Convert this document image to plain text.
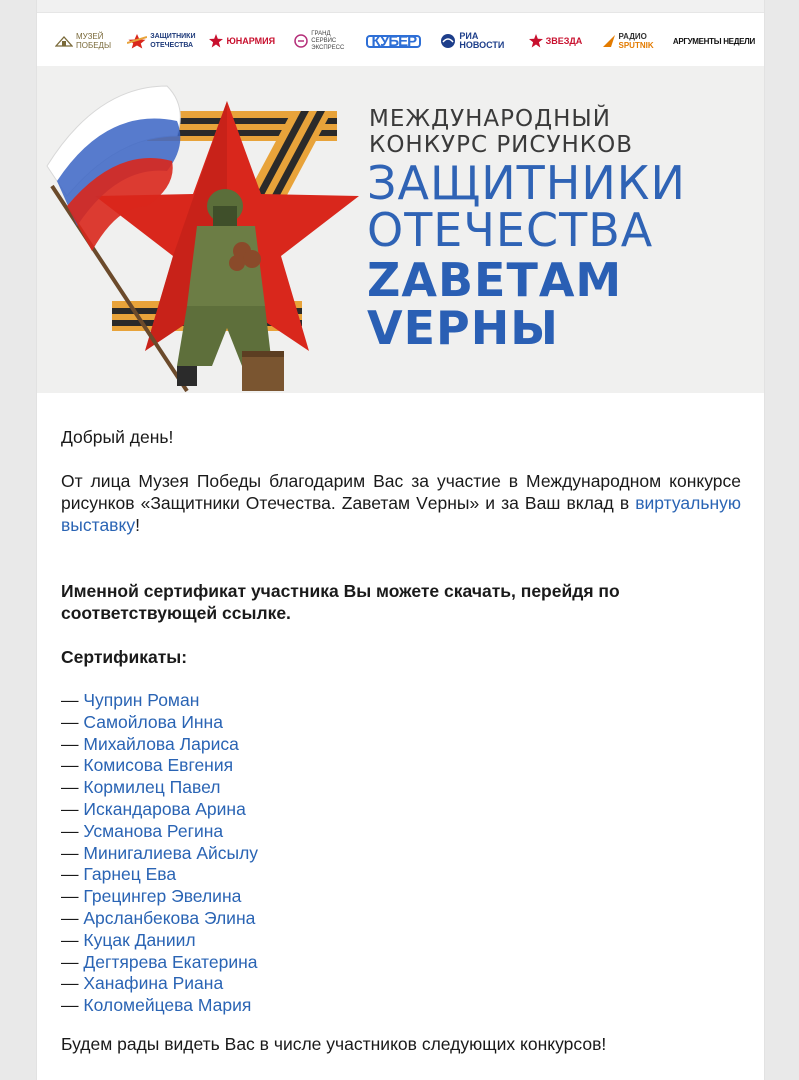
МУЗЕЙ ПОБЕДЫ
ЗАЩИТНИКИ ОТЕЧЕСТВА	ЮНАРМИЯ
ГРАНД СЕРВИС ЭКСПРЕСС	КУБЕР	РИА НОВОСТИ	ЗВЕЗДА	РАДИО
SPUTNIK АРГУМЕНТЫ НЕДЕЛИ
МЕЖДУНАРОДНЫЙ
КОНКУРС РИСУНКОВ
ЗАЩИТНИКИ
ОТЕЧЕСТВА
ZАВЕТАМ
VЕРНЫ

Добрый день!

От лица Музея Победы благодарим Вас за участие в Международном конкурсе рисунков «Защитники Отечества. Zаветам Vерны» и за Ваш вклад в виртуальную выставку!

Именной сертификат участника Вы можете скачать, перейдя по соответствующей ссылке.

Сертификаты:

— Чуприн Роман
— Самойлова Инна
— Михайлова Лариса
— Комисова Евгения
— Кормилец Павел
— Искандарова Арина
— Усманова Регина
— Минигалиева Айсылу
— Гарнец Ева
— Грецингер Эвелина
— Арсланбекова Элина
— Куцак Даниил
— Дегтярева Екатерина
— Ханафина Риана
— Коломейцева Мария

Будем рады видеть Вас в числе участников следующих конкурсов!
